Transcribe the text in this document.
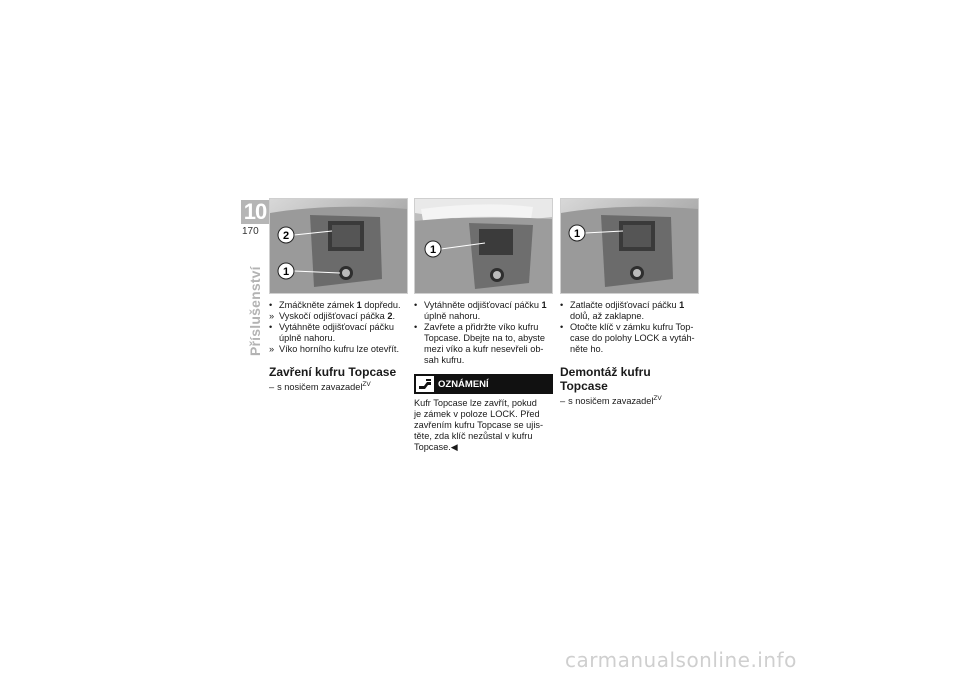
10
170
Příslušenství
2
1
• Zmáčkněte zámek 1 dopředu.
» Vyskočí odjišťovací páčka 2.
• Vytáhněte odjišťovací páčku úplně nahoru.
» Víko horního kufru lze otevřít.
Zavření kufru Topcase
– s nosičem zavazadel$^{ZV}$
1
• Vytáhněte odjišťovací páčku 1 úplně nahoru.
• Zavřete a přidržte víko kufru Topcase. Dbejte na to, abyste mezi víko a kufr nesevřeli ob-sah kufru.
OZNÁMENÍ
Kufr Topcase lze zavřít, pokud
je zámek v poloze LOCK. Před
zavřením kufru Topcase se ujis-
těte, zda klíč nezůstal v kufru
Topcase.◀
1
• Zatlačte odjišťovací páčku 1 dolů, až zaklapne.
• Otočte klíč v zámku kufru Top-case do polohy LOCK a vytáh-něte ho.
Demontáž kufru Topcase
– s nosičem zavazadel$^{ZV}$
carmanualsonline.info
